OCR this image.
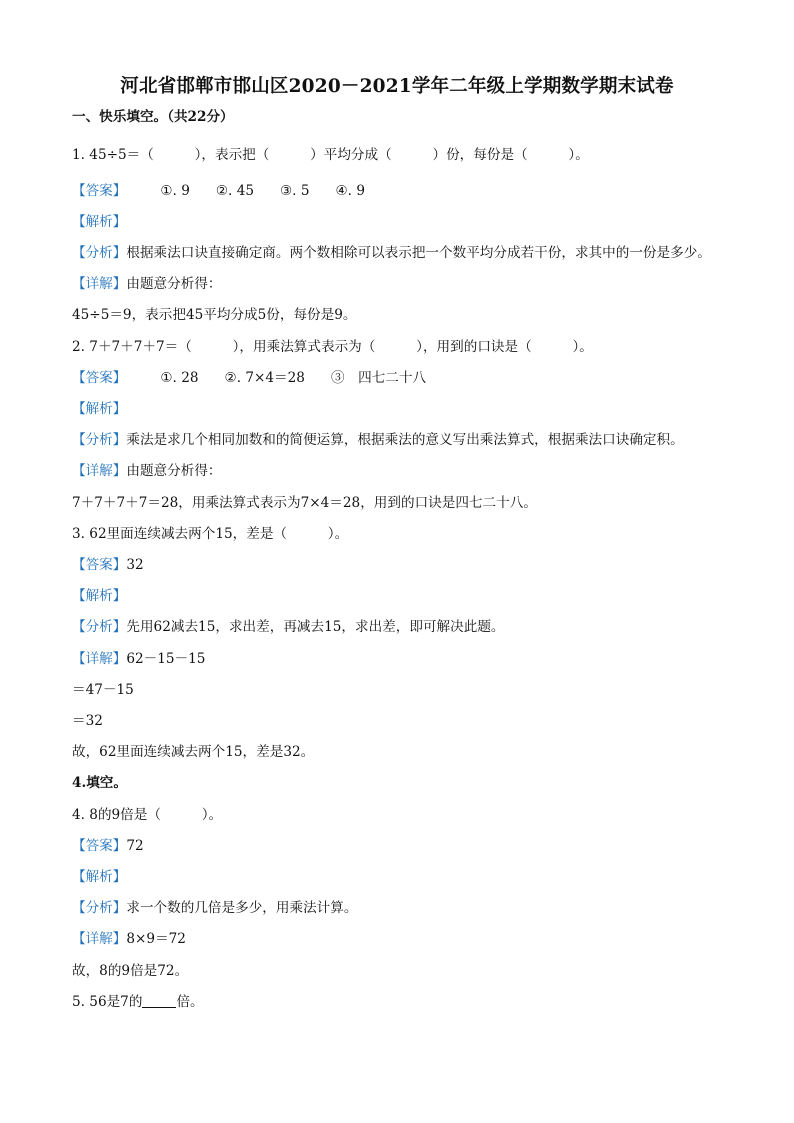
河北省邯郸市邯山区2020－2021学年二年级上学期数学期末试卷
一、快乐填空。（共22分）
1. 45÷5＝（　　　），表示把（　　　）平均分成（　　　）份，每份是（　　　）。
【答案】	①. 9 ②. 45 ③. 5 ④. 9
【解析】
【分析】根据乘法口诀直接确定商。两个数相除可以表示把一个数平均分成若干份，求其中的一份是多少。
【详解】由题意分析得：
45÷5＝9，表示把45平均分成5份，每份是9。
2. 7＋7＋7＋7＝（　　　），用乘法算式表示为（　　　），用到的口诀是（　　　）。
【答案】	①. 28 ②. 7×4＝28 ③　四七二十八
【解析】
【分析】乘法是求几个相同加数和的简便运算，根据乘法的意义写出乘法算式，根据乘法口诀确定积。
【详解】由题意分析得：
7＋7＋7＋7＝28，用乘法算式表示为7×4＝28，用到的口诀是四七二十八。
3. 62里面连续减去两个15，差是（　　　）。
【答案】32
【解析】
【分析】先用62减去15，求出差，再减去15，求出差，即可解决此题。
【详解】62－15－15
＝47－15
＝32
故，62里面连续减去两个15，差是32。
4.填空。
4. 8的9倍是（　　　）。
【答案】72
【解析】
【分析】求一个数的几倍是多少，用乘法计算。
【详解】8×9＝72
故，8的9倍是72。
5. 56是7的	倍。
